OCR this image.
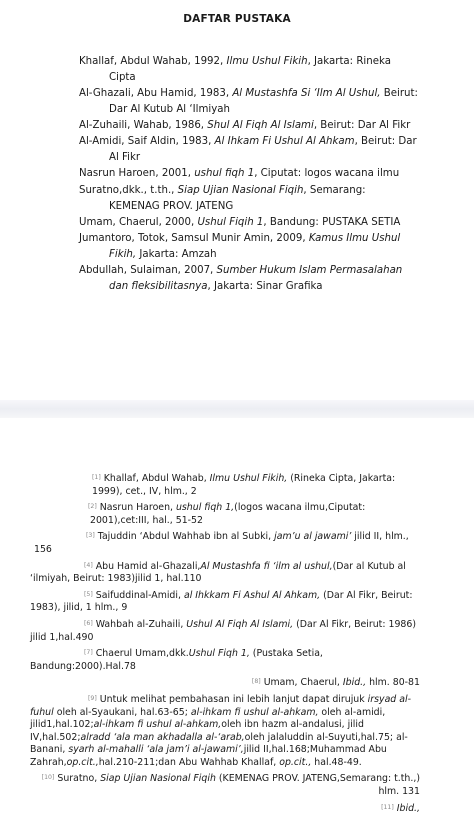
DAFTAR PUSTAKA
Khallaf, Abdul Wahab, 1992, Ilmu Ushul Fikih, Jakarta: Rineka Cipta
Al-Ghazali, Abu Hamid, 1983, Al Mustashfa Si ‘Ilm Al Ushul, Beirut: Dar Al Kutub Al ‘Ilmiyah
Al-Zuhaili, Wahab, 1986, Shul Al Fiqh Al Islami, Beirut: Dar Al Fikr
Al-Amidi, Saif Aldin, 1983, Al Ihkam Fi Ushul Al Ahkam, Beirut: Dar Al Fikr
Nasrun Haroen, 2001, ushul fiqh 1, Ciputat: logos wacana ilmu
Suratno,dkk., t.th., Siap Ujian Nasional Fiqih, Semarang: KEMENAG PROV. JATENG
Umam, Chaerul, 2000, Ushul Fiqih 1, Bandung: PUSTAKA SETIA
Jumantoro, Totok, Samsul Munir Amin, 2009, Kamus Ilmu Ushul Fikih, Jakarta: Amzah
Abdullah, Sulaiman, 2007, Sumber Hukum Islam Permasalahan dan fleksibilitasnya, Jakarta: Sinar Grafika
[1] Khallaf, Abdul Wahab, Ilmu Ushul Fikih, (Rineka Cipta, Jakarta: 1999), cet., IV, hlm., 2
[2] Nasrun Haroen, ushul fiqh 1,(logos wacana ilmu,Ciputat: 2001),cet:III, hal., 51-52
[3] Tajuddin ‘Abdul Wahhab ibn al Subki, jam’u al jawami’ jilid II, hlm., 156
[4] Abu Hamid al-Ghazali,Al Mustashfa fi ‘ilm al ushul,(Dar al Kutub al ‘ilmiyah, Beirut: 1983)jilid 1, hal.110
[5] Saifuddinal-Amidi, al Ihkkam Fi Ashul Al Ahkam, (Dar Al Fikr, Beirut: 1983), jilid, 1 hlm., 9
[6] Wahbah al-Zuhaili, Ushul Al Fiqh Al Islami, (Dar Al Fikr, Beirut: 1986) jilid 1,hal.490
[7] Chaerul Umam,dkk.Ushul Fiqh 1, (Pustaka Setia, Bandung:2000).Hal.78
[8] Umam, Chaerul, Ibid., hlm. 80-81
[9] Untuk melihat pembahasan ini lebih lanjut dapat dirujuk irsyad al-fuhul oleh al-Syaukani, hal.63-65; al-ihkam fi ushul al-ahkam, oleh al-amidi, jilid1,hal.102;al-ihkam fi ushul al-ahkam,oleh ibn hazm al-andalusi, jilid IV,hal.502;alradd ‘ala man akhadalla al-‘arab,oleh jalaluddin al-Suyuti,hal.75; al-Banani, syarh al-mahalli ‘ala jam’i al-jawami’,jilid II,hal.168;Muhammad Abu Zahrah,op.cit.,hal.210-211;dan Abu Wahhab Khallaf, op.cit., hal.48-49.
[10] Suratno, Siap Ujian Nasional Fiqih (KEMENAG PROV. JATENG,Semarang: t.th.,) hlm. 131
[11] Ibid.,
